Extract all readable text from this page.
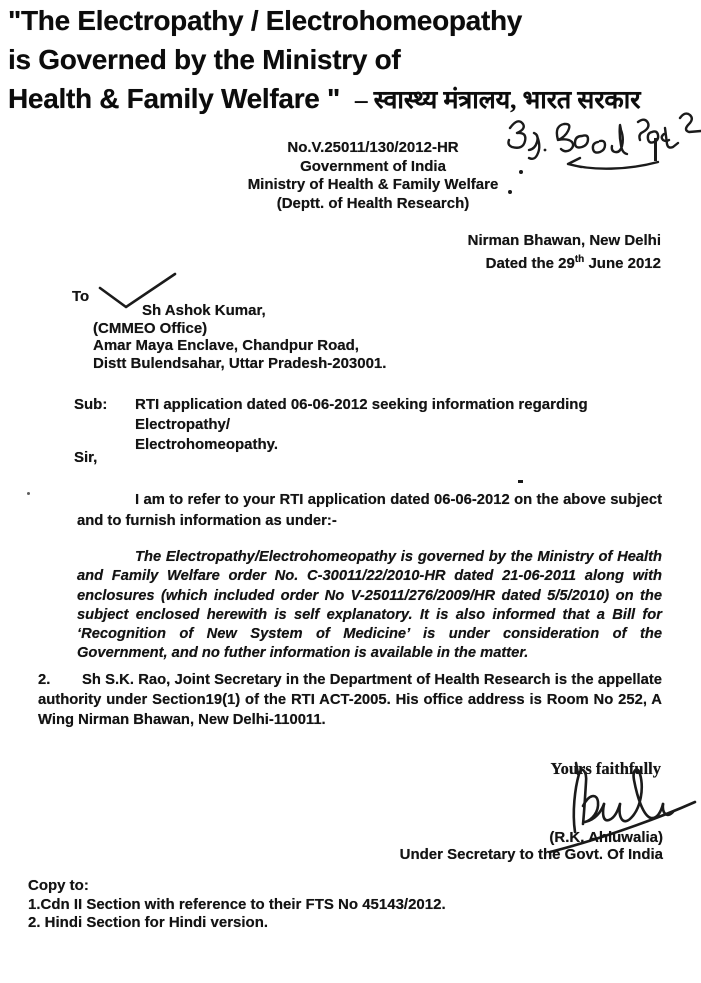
"The Electropathy / Electrohomeopathy
is Governed by the Ministry of
Health & Family Welfare " – स्वास्थ्य मंत्रालय, भारत सरकार
No.V.25011/130/2012-HR
Government of India
Ministry of Health & Family Welfare
(Deptt. of Health Research)
Nirman Bhawan, New Delhi
Dated the 29th June 2012
To
Sh Ashok Kumar,
(CMMEO Office)
Amar Maya Enclave, Chandpur Road,
Distt Bulendsahar, Uttar Pradesh-203001.
Sub:	RTI application dated 06-06-2012 seeking information regarding Electropathy/
Electrohomeopathy.
Sir,
I am to refer to your RTI application dated 06-06-2012 on the above subject and to furnish information as under:-
The Electropathy/Electrohomeopathy is governed by the Ministry of Health and Family Welfare order No. C-30011/22/2010-HR dated 21-06-2011 along with enclosures (which included order No V-25011/276/2009/HR dated 5/5/2010) on the subject enclosed herewith is self explanatory. It is also informed that a Bill for ‘Recognition of New System of Medicine’ is under consideration of the Government, and no futher information is available in the matter.
2. Sh S.K. Rao, Joint Secretary in the Department of Health Research is the appellate authority under Section19(1) of the RTI ACT-2005. His office address is Room No 252, A Wing Nirman Bhawan, New Delhi-110011.
Yours faithfully
(R.K. Ahluwalia)
Under Secretary to the Govt. Of India
Copy to:
1.Cdn II Section with reference to their FTS No 45143/2012.
2. Hindi Section for Hindi version.
